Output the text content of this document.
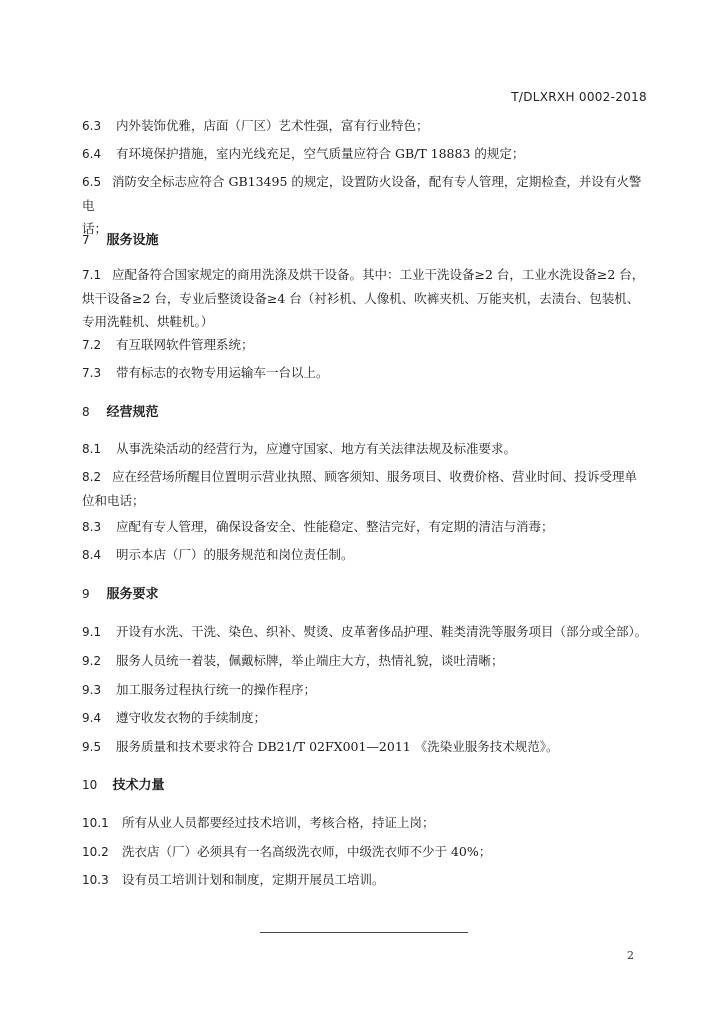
T/DLXRXH 0002-2018
6.3 内外装饰优雅，店面（厂区）艺术性强，富有行业特色；
6.4 有环境保护措施，室内光线充足，空气质量应符合 GB/T 18883 的规定；
6.5 消防安全标志应符合 GB13495 的规定，设置防火设备，配有专人管理，定期检查，并设有火警电
话；
7 服务设施
7.1 应配备符合国家规定的商用洗涤及烘干设备。其中：工业干洗设备≥2 台，工业水洗设备≥2 台，
烘干设备≥2 台，专业后整烫设备≥4 台（衬衫机、人像机、吹裤夹机、万能夹机，去渍台、包装机、
专用洗鞋机、烘鞋机。）
7.2 有互联网软件管理系统；
7.3 带有标志的衣物专用运输车一台以上。
8 经营规范
8.1 从事洗染活动的经营行为，应遵守国家、地方有关法律法规及标准要求。
8.2 应在经营场所醒目位置明示营业执照、顾客须知、服务项目、收费价格、营业时间、投诉受理单
位和电话；
8.3 应配有专人管理，确保设备安全、性能稳定、整洁完好，有定期的清洁与消毒；
8.4 明示本店（厂）的服务规范和岗位责任制。
9 服务要求
9.1 开设有水洗、干洗、染色、织补、熨烫、皮革奢侈品护理、鞋类清洗等服务项目（部分或全部）。
9.2 服务人员统一着装，佩戴标牌，举止端庄大方，热情礼貌，谈吐清晰；
9.3 加工服务过程执行统一的操作程序；
9.4 遵守收发衣物的手续制度；
9.5 服务质量和技术要求符合 DB21/T 02FX001—2011 《洗染业服务技术规范》。
10 技术力量
10.1 所有从业人员都要经过技术培训，考核合格，持证上岗；
10.2 洗衣店（厂）必须具有一名高级洗衣师，中级洗衣师不少于 40%；
10.3 设有员工培训计划和制度，定期开展员工培训。
2
